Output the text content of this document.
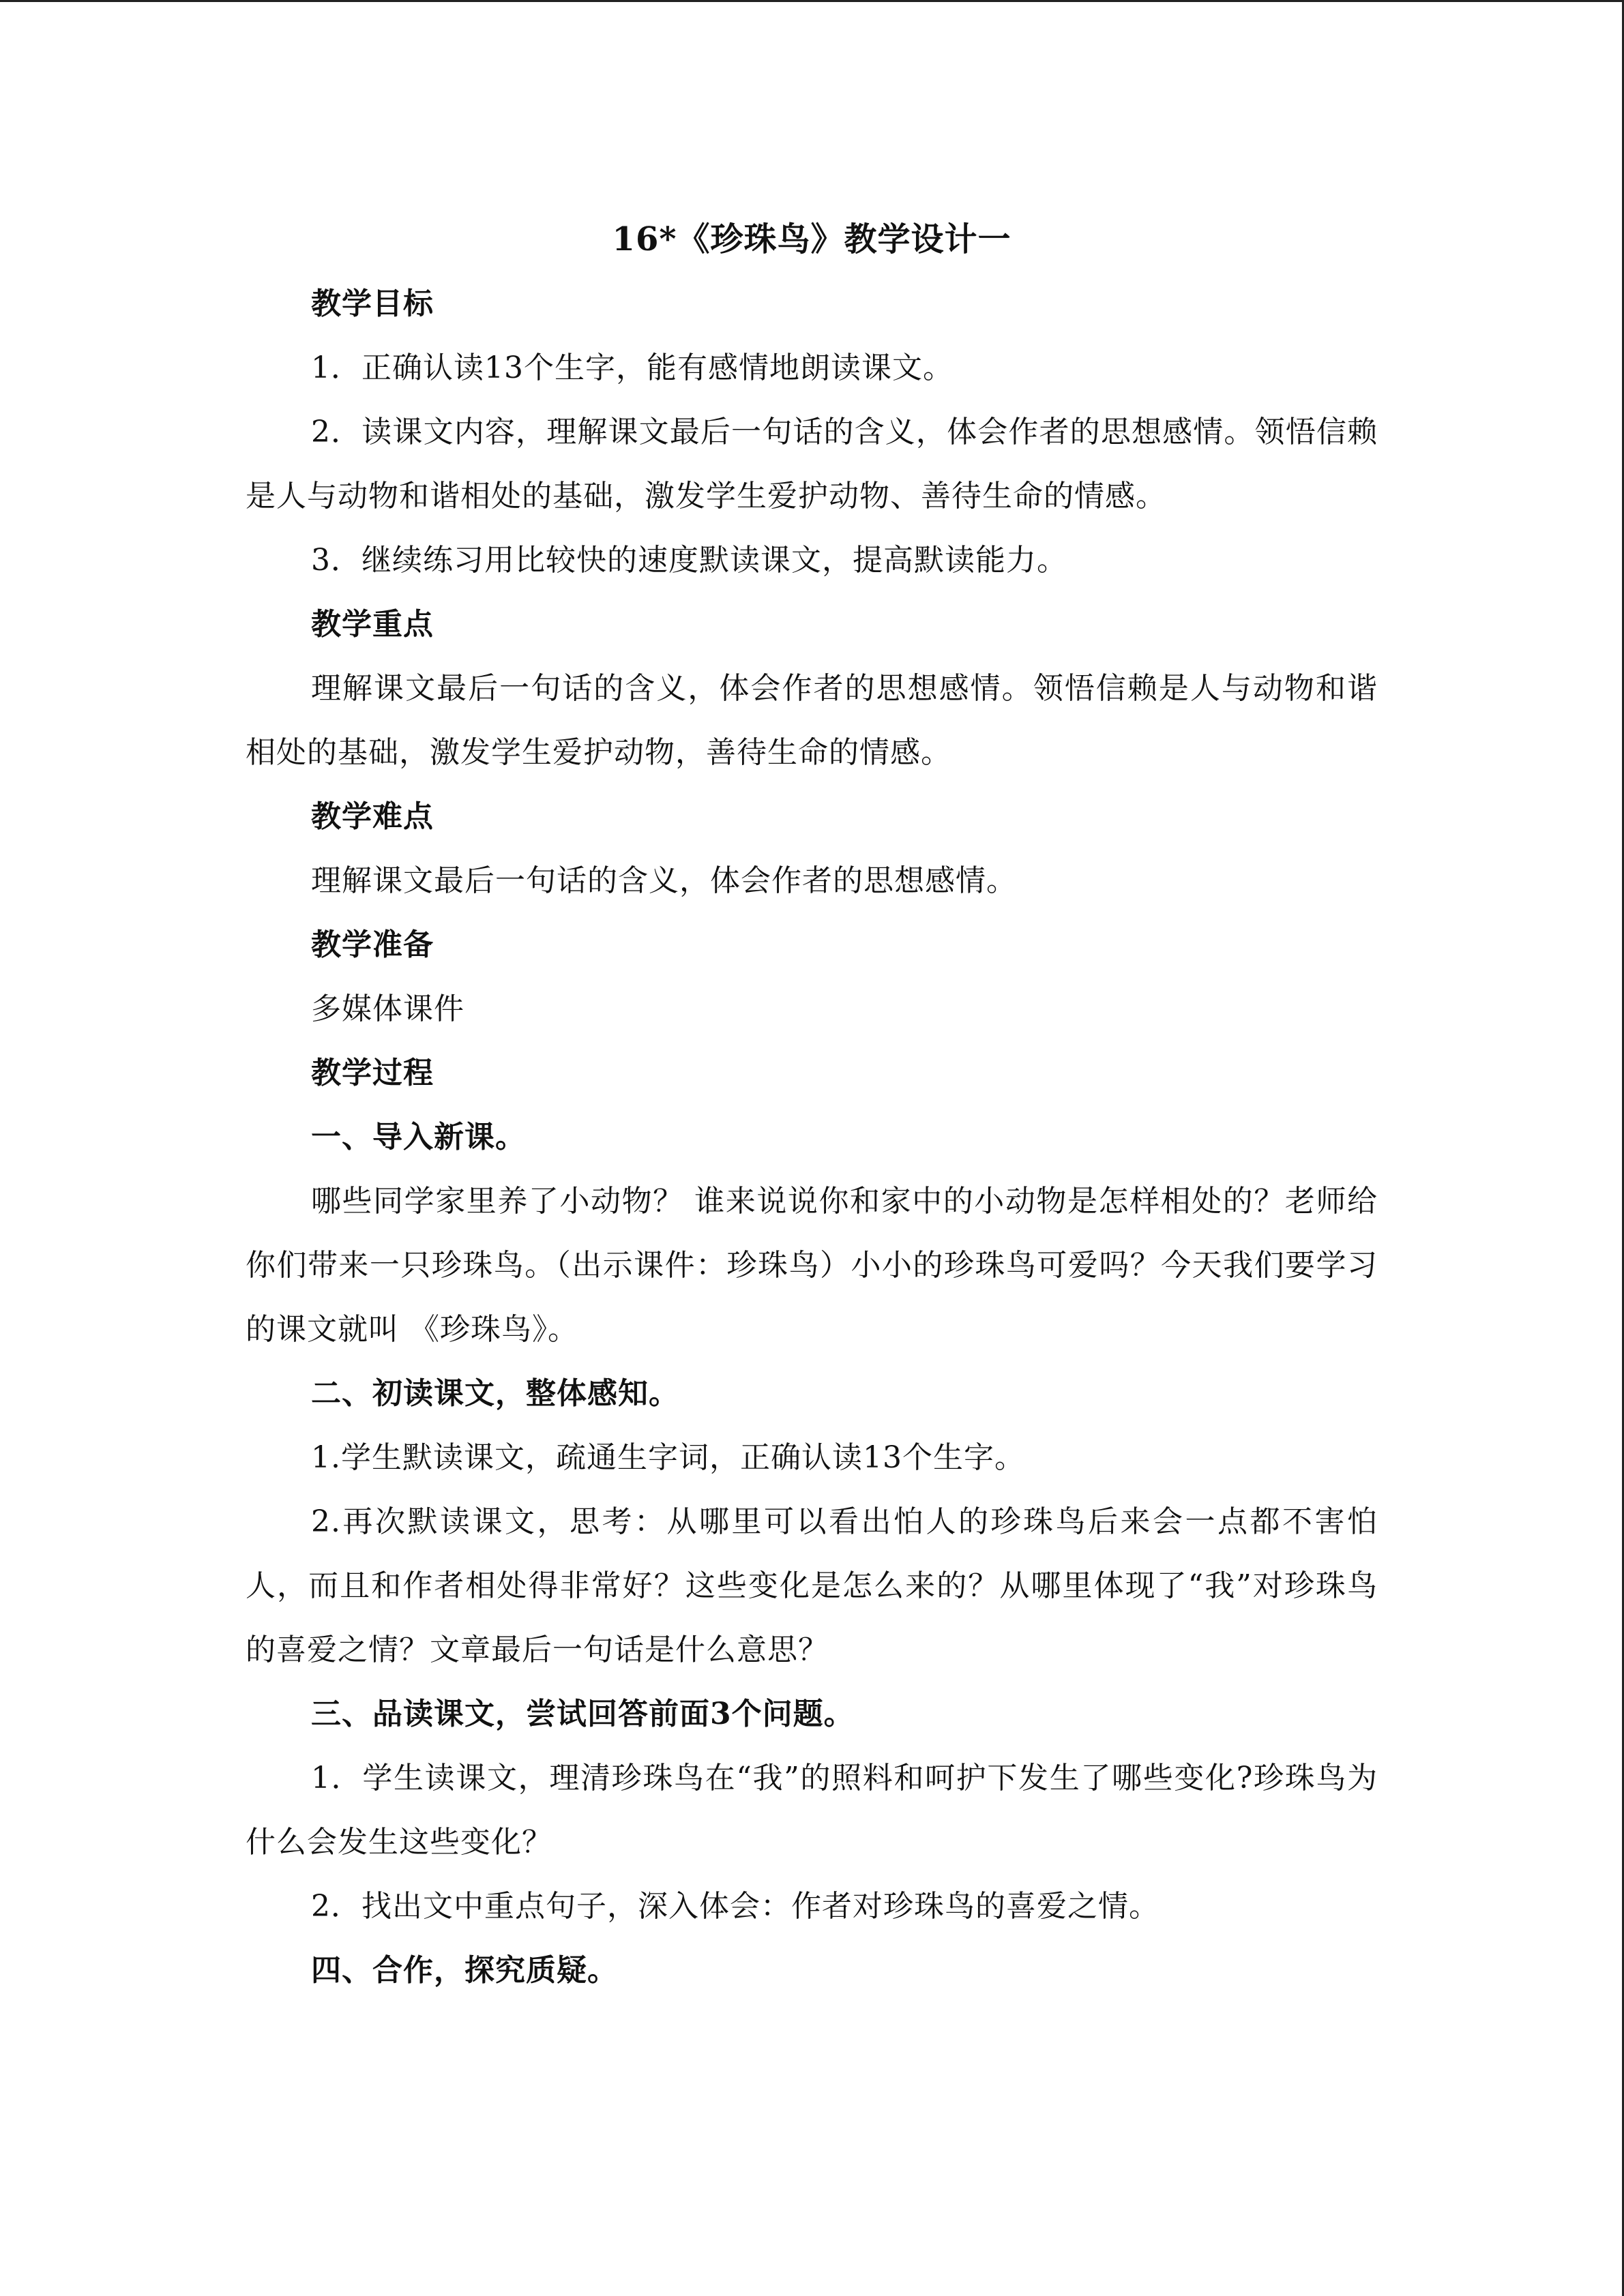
16*《珍珠鸟》教学设计一

教学目标

1．正确认读13个生字，能有感情地朗读课文。

2．读课文内容，理解课文最后一句话的含义，体会作者的思想感情。领悟信赖是人与动物和谐相处的基础，激发学生爱护动物、善待生命的情感。

3．继续练习用比较快的速度默读课文，提高默读能力。

教学重点

理解课文最后一句话的含义，体会作者的思想感情。领悟信赖是人与动物和谐相处的基础，激发学生爱护动物，善待生命的情感。

教学难点

理解课文最后一句话的含义，体会作者的思想感情。

教学准备

多媒体课件

教学过程

一、导入新课。

哪些同学家里养了小动物？ 谁来说说你和家中的小动物是怎样相处的？老师给你们带来一只珍珠鸟。（出示课件：珍珠鸟）小小的珍珠鸟可爱吗？今天我们要学习的课文就叫 《珍珠鸟》。

二、初读课文，整体感知。

1.学生默读课文，疏通生字词，正确认读13个生字。

2.再次默读课文，思考：从哪里可以看出怕人的珍珠鸟后来会一点都不害怕人，而且和作者相处得非常好？这些变化是怎么来的？从哪里体现了“我”对珍珠鸟的喜爱之情？文章最后一句话是什么意思？

三、品读课文，尝试回答前面3个问题。

1．学生读课文，理清珍珠鸟在“我”的照料和呵护下发生了哪些变化?珍珠鸟为什么会发生这些变化？

2．找出文中重点句子，深入体会：作者对珍珠鸟的喜爱之情。

四、合作，探究质疑。
